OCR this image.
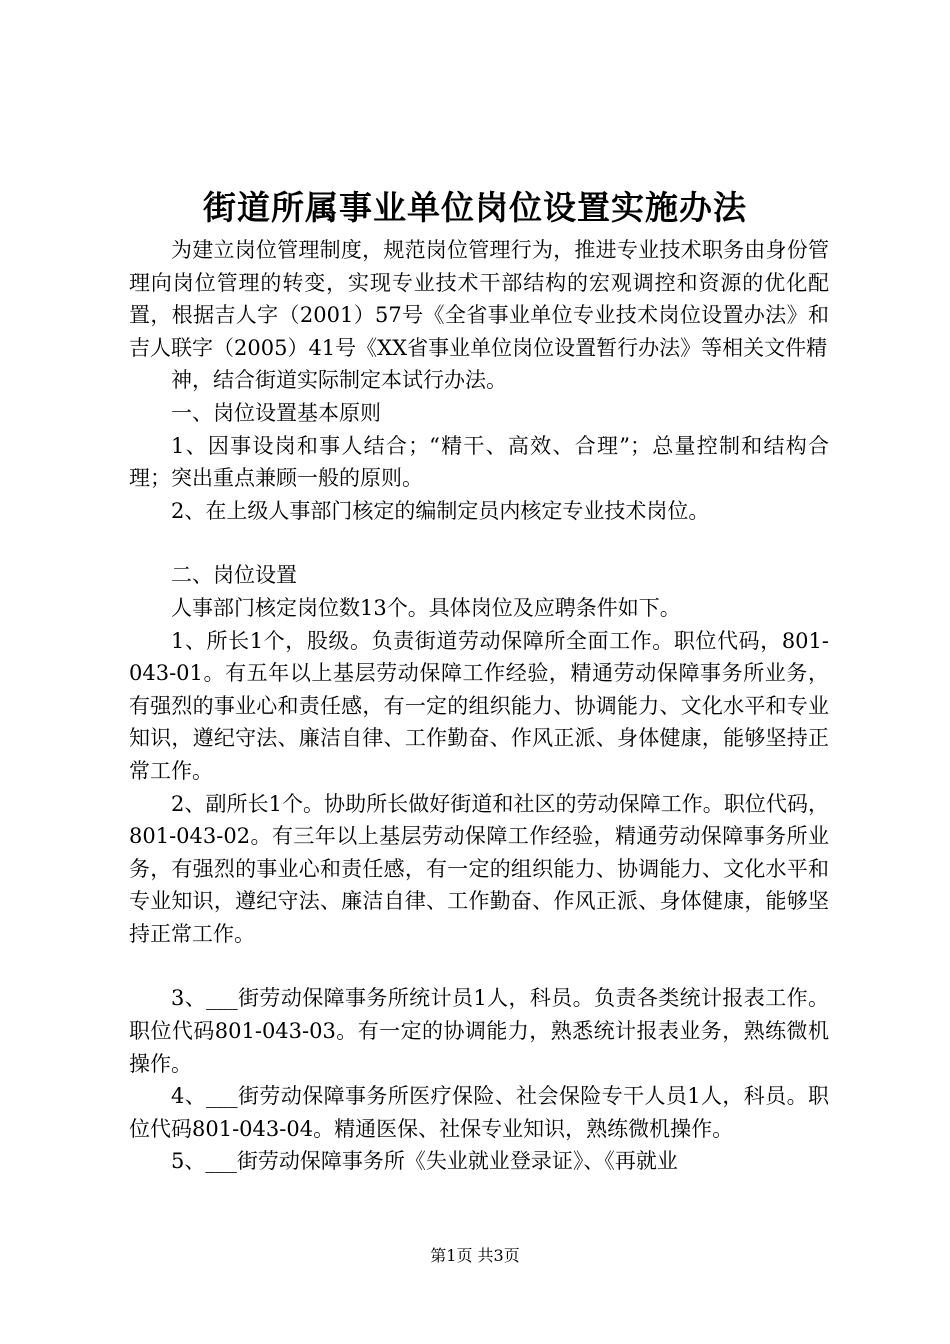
街道所属事业单位岗位设置实施办法

为建立岗位管理制度，规范岗位管理行为，推进专业技术职务由身份管理向岗位管理的转变，实现专业技术干部结构的宏观调控和资源的优化配置，根据吉人字（2001）57号《全省事业单位专业技术岗位设置办法》和吉人联字（2005）41号《XX省事业单位岗位设置暂行办法》等相关文件精

神，结合街道实际制定本试行办法。

一、岗位设置基本原则

1、因事设岗和事人结合；“精干、高效、合理”；总量控制和结构合理；突出重点兼顾一般的原则。

2、在上级人事部门核定的编制定员内核定专业技术岗位。

二、岗位设置

人事部门核定岗位数13个。具体岗位及应聘条件如下。

1、所长1个，股级。负责街道劳动保障所全面工作。职位代码，801-043-01。有五年以上基层劳动保障工作经验，精通劳动保障事务所业务，有强烈的事业心和责任感，有一定的组织能力、协调能力、文化水平和专业知识，遵纪守法、廉洁自律、工作勤奋、作风正派、身体健康，能够坚持正常工作。

2、副所长1个。协助所长做好街道和社区的劳动保障工作。职位代码，801-043-02。有三年以上基层劳动保障工作经验，精通劳动保障事务所业务，有强烈的事业心和责任感，有一定的组织能力、协调能力、文化水平和专业知识，遵纪守法、廉洁自律、工作勤奋、作风正派、身体健康，能够坚持正常工作。

3、___街劳动保障事务所统计员1人，科员。负责各类统计报表工作。职位代码801-043-03。有一定的协调能力，熟悉统计报表业务，熟练微机操作。

4、___街劳动保障事务所医疗保险、社会保险专干人员1人，科员。职位代码801-043-04。精通医保、社保专业知识，熟练微机操作。

5、___街劳动保障事务所《失业就业登录证》、《再就业

第1页 共3页
